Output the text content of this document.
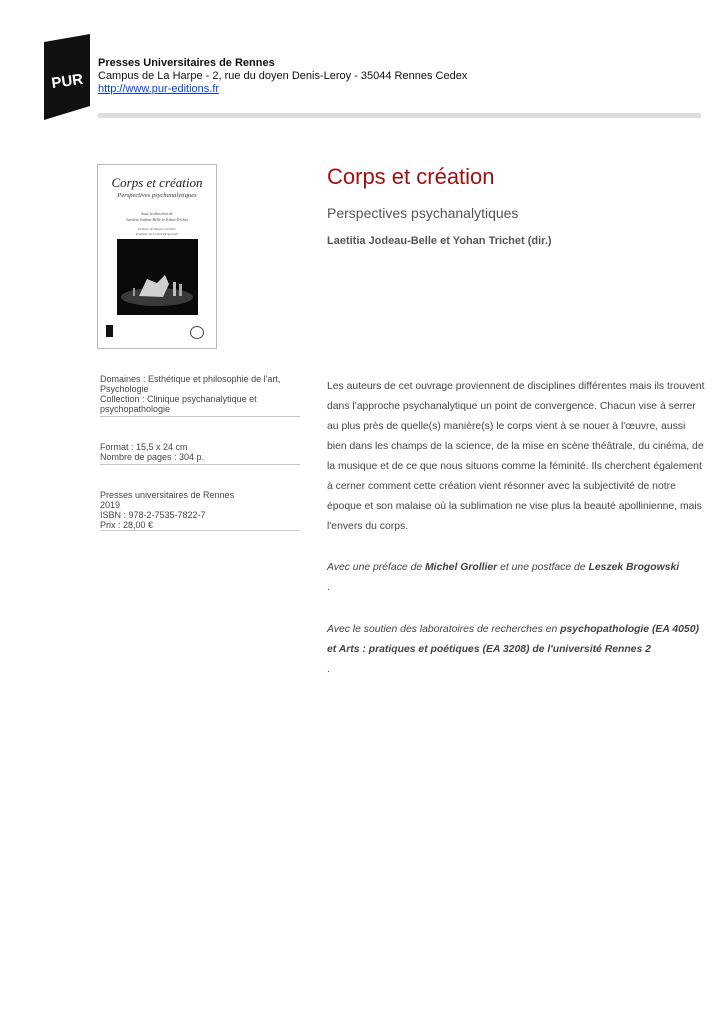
PUR
Presses Universitaires de Rennes
Campus de La Harpe - 2, rue du doyen Denis-Leroy - 35044 Rennes Cedex
http://www.pur-editions.fr
Corps et création
Perspectives psychanalytiques
Sous la direction de
Laetitia Jodeau-Belle et Yohan Trichet
Préface de Michel Grollier
Postface de Leszek Brogowski
Domaines : Esthétique et philosophie de l'art, Psychologie
Collection : Clinique psychanalytique et psychopathologie
Format : 15,5 x 24 cm
Nombre de pages : 304 p.
Presses universitaires de Rennes
2019
ISBN : 978-2-7535-7822-7
Prix : 28,00 €
Corps et création
Perspectives psychanalytiques
Laetitia Jodeau-Belle et Yohan Trichet (dir.)
Les auteurs de cet ouvrage proviennent de disciplines différentes mais ils trouvent dans l'approche psychanalytique un point de convergence. Chacun vise à serrer au plus près de quelle(s) manière(s) le corps vient à se nouer à l'œuvre, aussi bien dans les champs de la science, de la mise en scène théâtrale, du cinéma, de la musique et de ce que nous situons comme la féminité. Ils cherchent également à cerner comment cette création vient résonner avec la subjectivité de notre époque et son malaise où la sublimation ne vise plus la beauté apollinienne, mais l'envers du corps.
Avec une préface de Michel Grollier et une postface de Leszek Brogowski
.
Avec le soutien des laboratoires de recherches en psychopathologie (EA 4050) et Arts : pratiques et poétiques (EA 3208) de l'université Rennes 2
.
